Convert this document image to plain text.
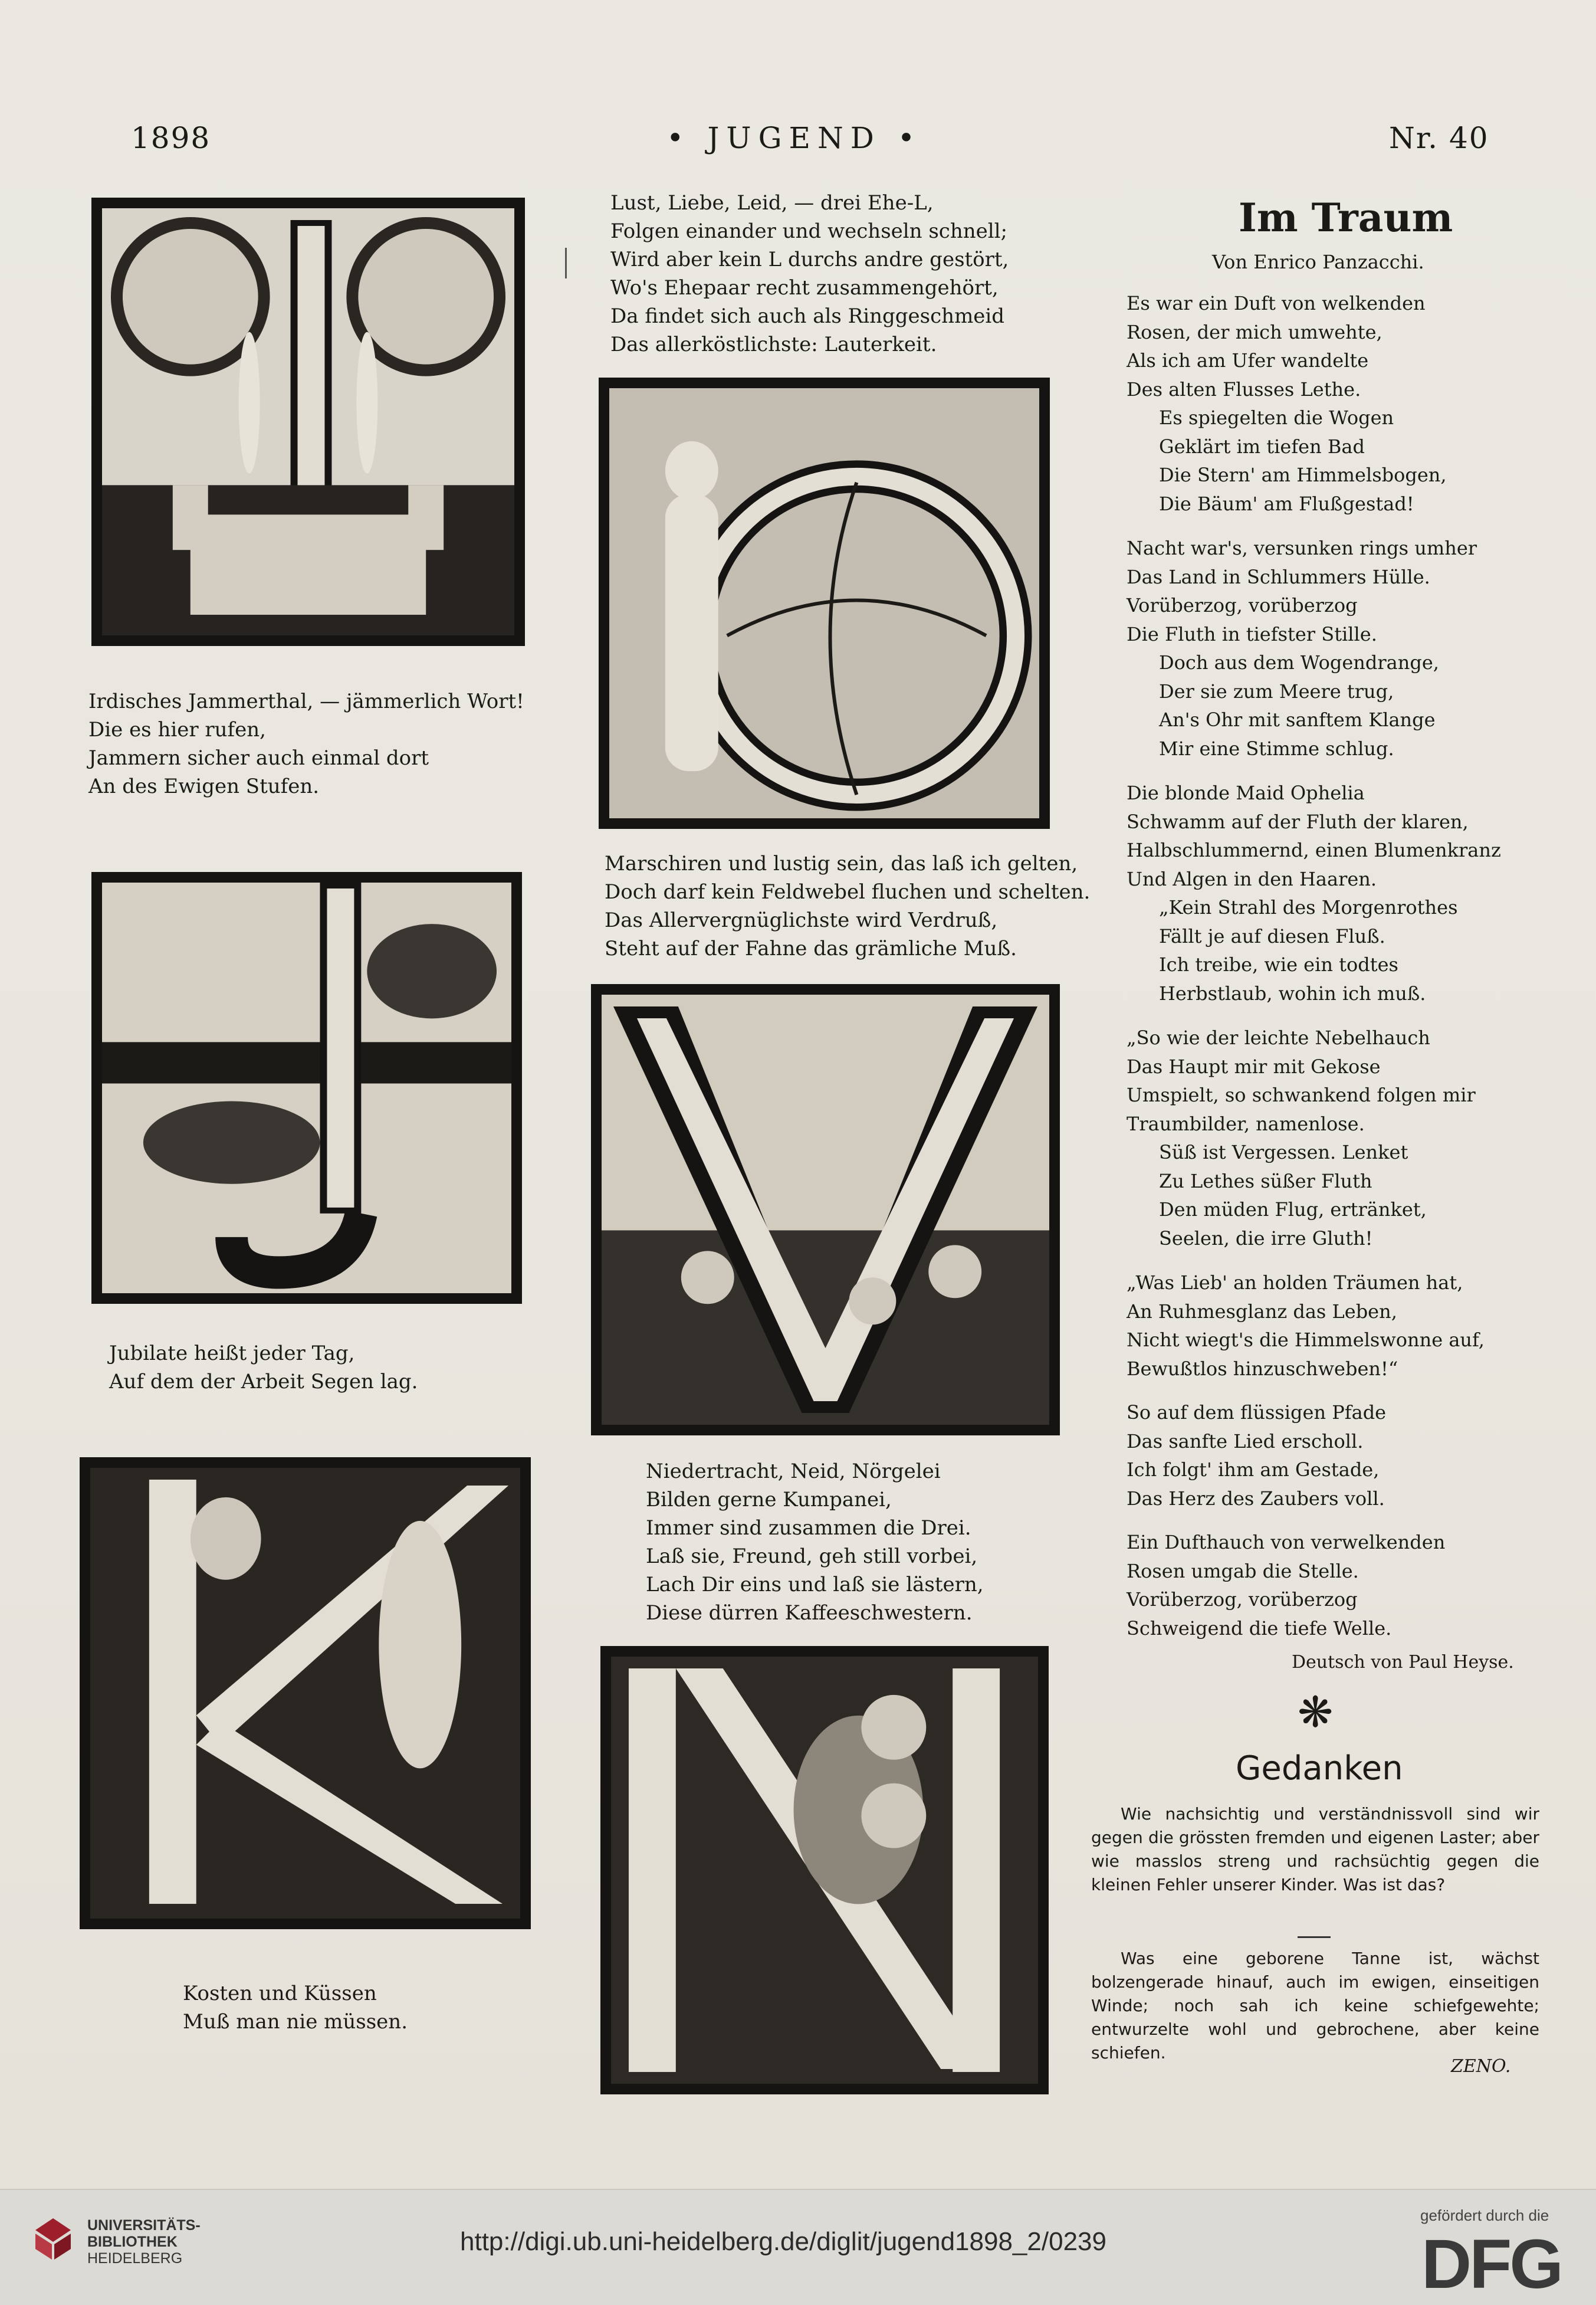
1898	• JUGEND •	Nr. 40
Irdisches Jammerthal, — jämmerlich Wort!
Die es hier rufen,
Jammern sicher auch einmal dort
An des Ewigen Stufen.
Lust, Liebe, Leid, — drei Ehe-L,
Folgen einander und wechseln schnell;
Wird aber kein L durchs andre gestört,
Wo's Ehepaar recht zusammengehört,
Da findet sich auch als Ringgeschmeid
Das allerköstlichste: Lauterkeit.
Marschiren und lustig sein, das laß ich gelten,
Doch darf kein Feldwebel fluchen und schelten.
Das Allervergnüglichste wird Verdruß,
Steht auf der Fahne das grämliche Muß.
Jubilate heißt jeder Tag,
Auf dem der Arbeit Segen lag.
Niedertracht, Neid, Nörgelei
Bilden gerne Kumpanei,
Immer sind zusammen die Drei.
Laß sie, Freund, geh still vorbei,
Lach Dir eins und laß sie lästern,
Diese dürren Kaffeeschwestern.
Kosten und Küssen
Muß man nie müssen.
Im Traum
Von Enrico Panzacchi.
Es war ein Duft von welkenden
Rosen, der mich umwehte,
Als ich am Ufer wandelte
Des alten Flusses Lethe.
Es spiegelten die Wogen
Geklärt im tiefen Bad
Die Stern' am Himmelsbogen,
Die Bäum' am Flußgestad!
Nacht war's, versunken rings umher
Das Land in Schlummers Hülle.
Vorüberzog, vorüberzog
Die Fluth in tiefster Stille.
Doch aus dem Wogendrange,
Der sie zum Meere trug,
An's Ohr mit sanftem Klange
Mir eine Stimme schlug.
Die blonde Maid Ophelia
Schwamm auf der Fluth der klaren,
Halbschlummernd, einen Blumenkranz
Und Algen in den Haaren.
„Kein Strahl des Morgenrothes
Fällt je auf diesen Fluß.
Ich treibe, wie ein todtes
Herbstlaub, wohin ich muß.
„So wie der leichte Nebelhauch
Das Haupt mir mit Gekose
Umspielt, so schwankend folgen mir
Traumbilder, namenlose.
Süß ist Vergessen. Lenket
Zu Lethes süßer Fluth
Den müden Flug, ertränket,
Seelen, die irre Gluth!
„Was Lieb' an holden Träumen hat,
An Ruhmesglanz das Leben,
Nicht wiegt's die Himmelswonne auf,
Bewußtlos hinzuschweben!“
So auf dem flüssigen Pfade
Das sanfte Lied erscholl.
Ich folgt' ihm am Gestade,
Das Herz des Zaubers voll.
Ein Dufthauch von verwelkenden
Rosen umgab die Stelle.
Vorüberzog, vorüberzog
Schweigend die tiefe Welle.
Deutsch von Paul Heyse.
❋
Gedanken
Wie nachsichtig und verständnissvoll sind wir gegen die grössten fremden und eigenen Laster; aber wie masslos streng und rachsüchtig gegen die kleinen Fehler unserer Kinder. Was ist das?
Was eine geborene Tanne ist, wächst bolzengerade hinauf, auch im ewigen, einseitigen Winde; noch sah ich keine schiefgewehte; entwurzelte wohl und gebrochene, aber keine schiefen.
ZENO.
UNIVERSITÄTS-
BIBLIOTHEK
HEIDELBERG
http://digi.ub.uni-heidelberg.de/diglit/jugend1898_2/0239
gefördert durch die
DFG
